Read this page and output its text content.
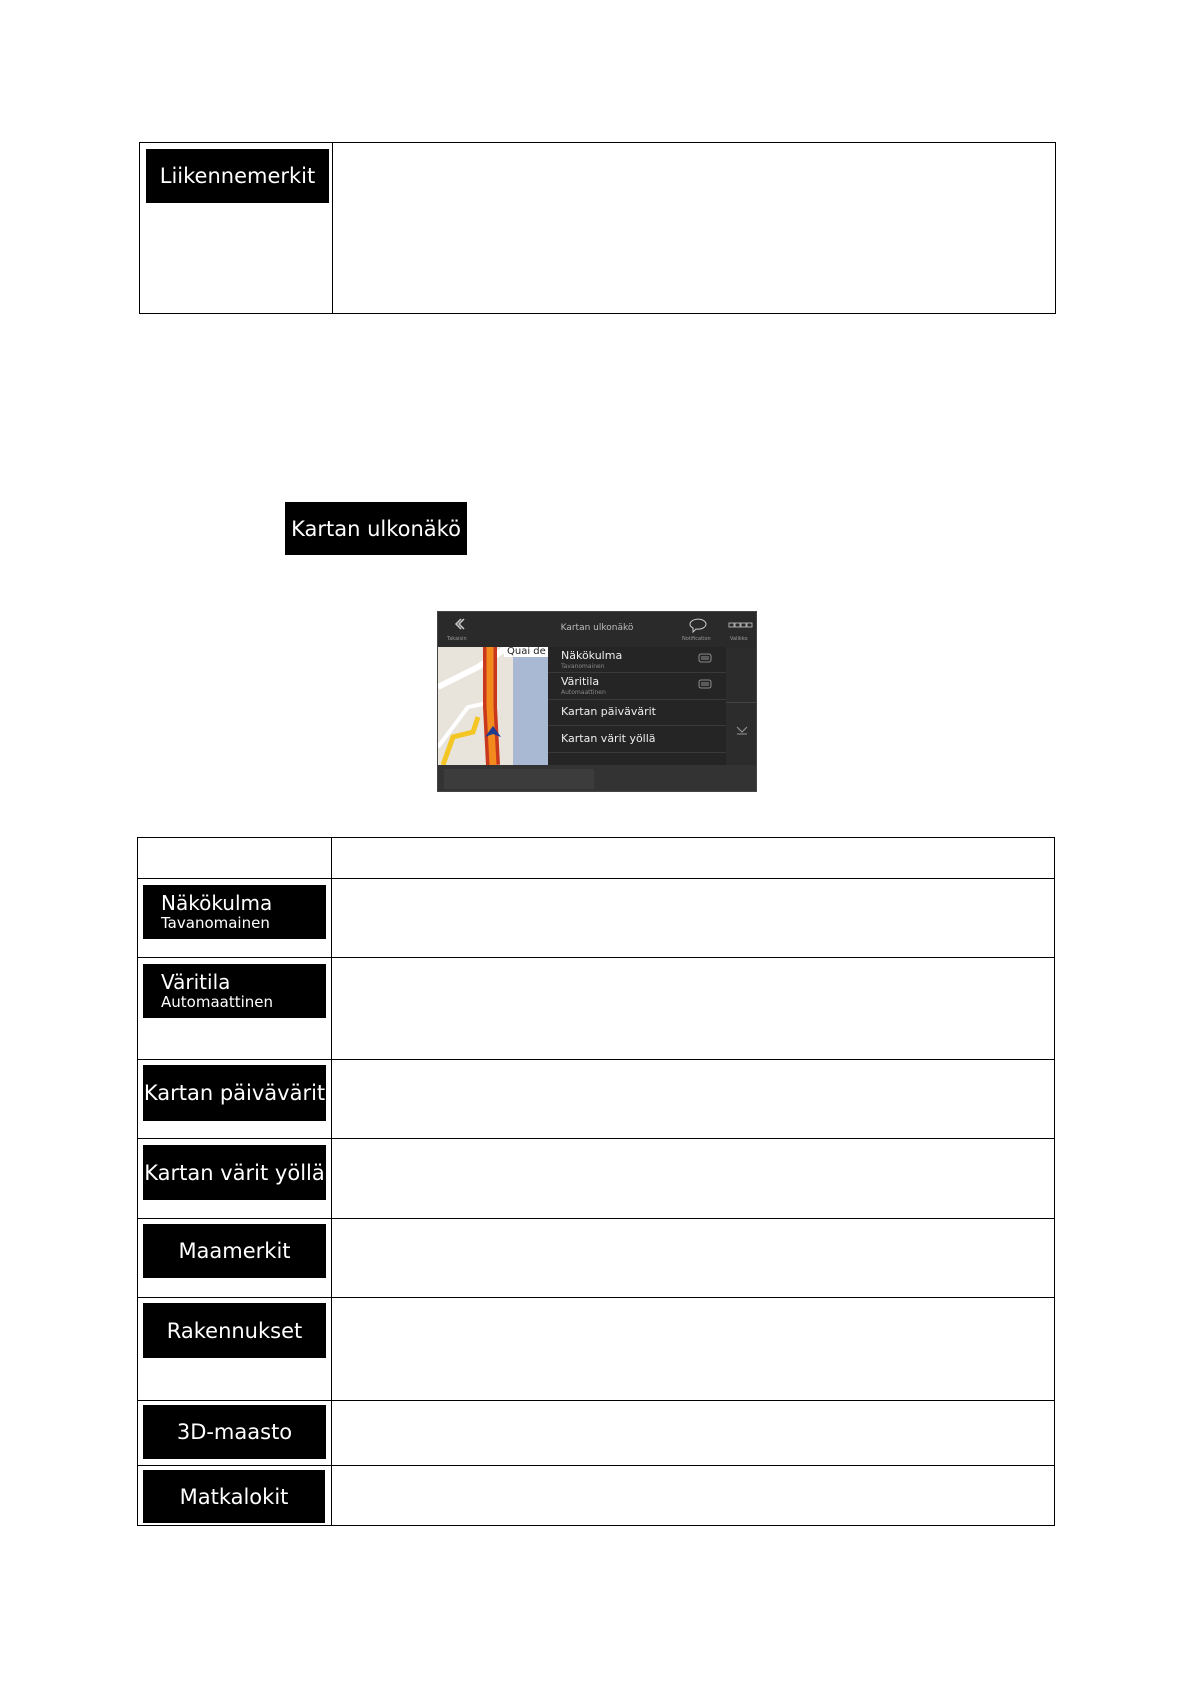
Liikennemerkit
Kartan ulkonäkö
Takaisin
Kartan ulkonäkö
Notification	Valikko
Quai de Näkökulma
Tavanomainen
Väritila
Automaattinen
Kartan päivävärit
Kartan värit yöllä
Näkökulma
Tavanomainen
Väritila
Automaattinen
Kartan päivävärit
Kartan värit yöllä
Maamerkit
Rakennukset
3D-maasto
Matkalokit
